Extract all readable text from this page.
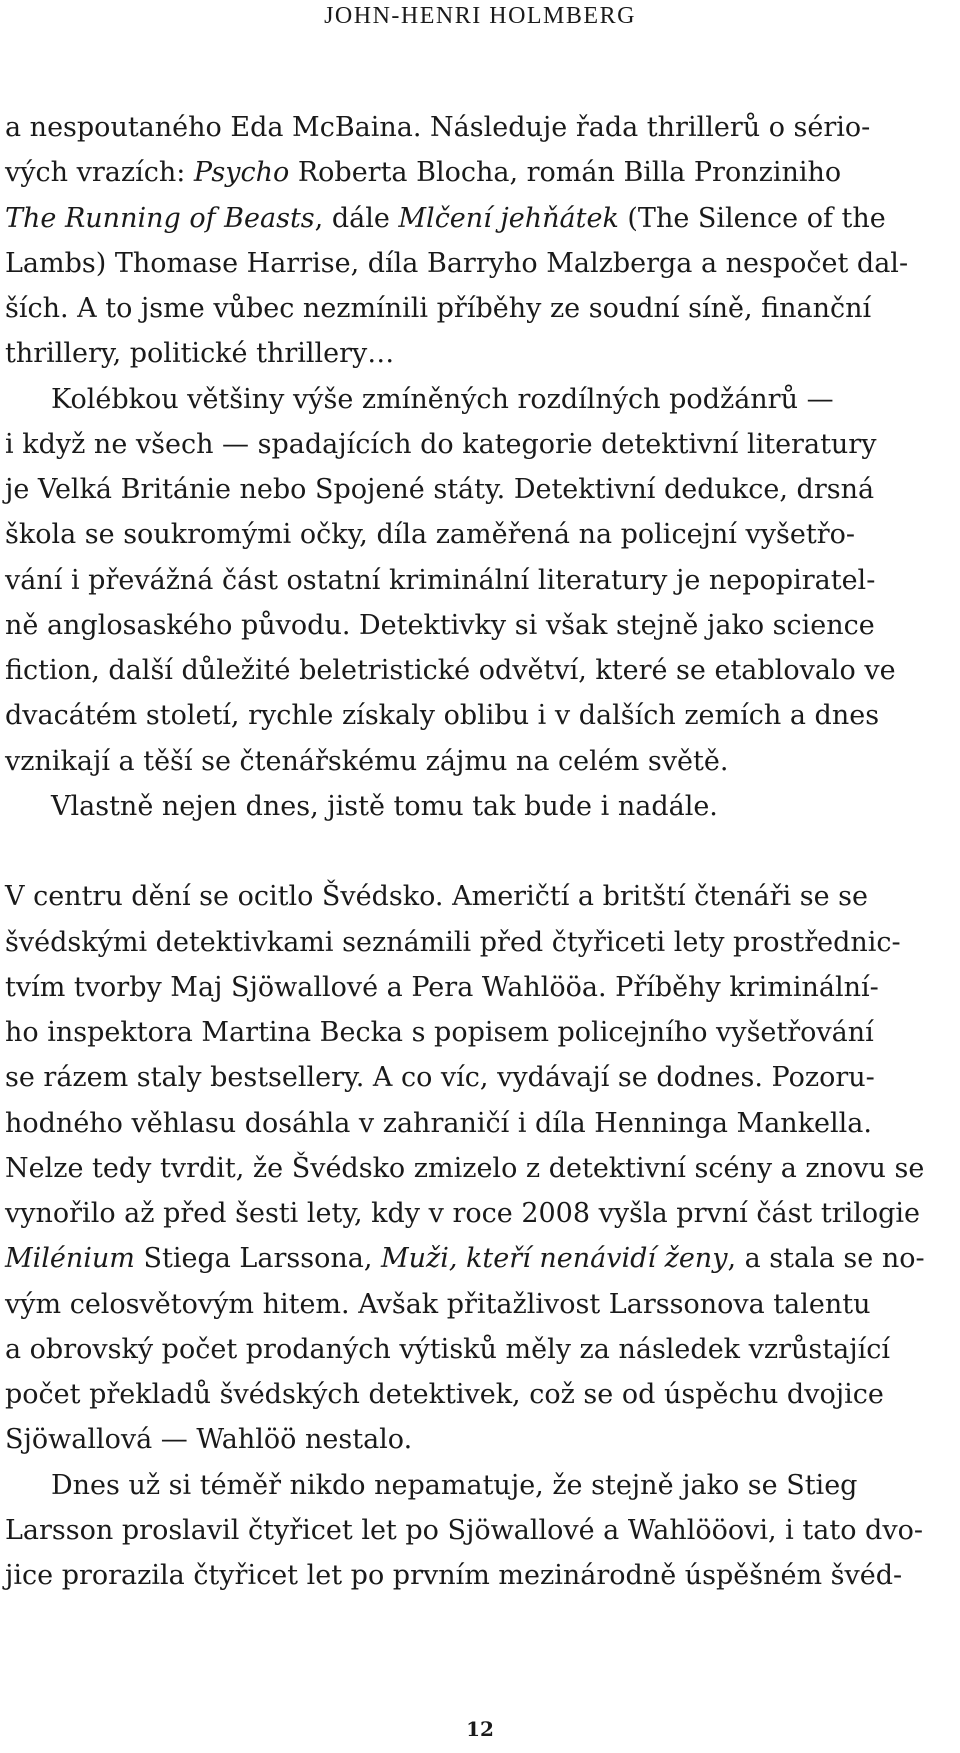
JOHN-HENRI HOLMBERG
a nespoutaného Eda McBaina. Následuje řada thrillerů o sério-
vých vrazích: Psycho Roberta Blocha, román Billa Pronziniho
The Running of Beasts, dále Mlčení jehňátek (The Silence of the
Lambs) Thomase Harrise, díla Barryho Malzberga a nespočet dal-
ších. A to jsme vůbec nezmínili příběhy ze soudní síně, finanční
thrillery, politické thrillery…
Kolébkou většiny výše zmíněných rozdílných podžánrů —
i když ne všech — spadajících do kategorie detektivní literatury
je Velká Británie nebo Spojené státy. Detektivní dedukce, drsná
škola se soukromými očky, díla zaměřená na policejní vyšetřo-
vání i převážná část ostatní kriminální literatury je nepopiratel-
ně anglosaského původu. Detektivky si však stejně jako science
fiction, další důležité beletristické odvětví, které se etablovalo ve
dvacátém století, rychle získaly oblibu i v dalších zemích a dnes
vznikají a těší se čtenářskému zájmu na celém světě.
Vlastně nejen dnes, jistě tomu tak bude i nadále.
V centru dění se ocitlo Švédsko. Američtí a britští čtenáři se se
švédskými detektivkami seznámili před čtyřiceti lety prostřednic-
tvím tvorby Maj Sjöwallové a Pera Wahlööa. Příběhy kriminální-
ho inspektora Martina Becka s popisem policejního vyšetřování
se rázem staly bestsellery. A co víc, vydávají se dodnes. Pozoru-
hodného věhlasu dosáhla v zahraničí i díla Henninga Mankella.
Nelze tedy tvrdit, že Švédsko zmizelo z detektivní scény a znovu se
vynořilo až před šesti lety, kdy v roce 2008 vyšla první část trilogie
Milénium Stiega Larssona, Muži, kteří nenávidí ženy, a stala se no-
vým celosvětovým hitem. Avšak přitažlivost Larssonova talentu
a obrovský počet prodaných výtisků měly za následek vzrůstající
počet překladů švédských detektivek, což se od úspěchu dvojice
Sjöwallová — Wahlöö nestalo.
Dnes už si téměř nikdo nepamatuje, že stejně jako se Stieg
Larsson proslavil čtyřicet let po Sjöwallové a Wahlööovi, i tato dvo-
jice prorazila čtyřicet let po prvním mezinárodně úspěšném švéd-
12
